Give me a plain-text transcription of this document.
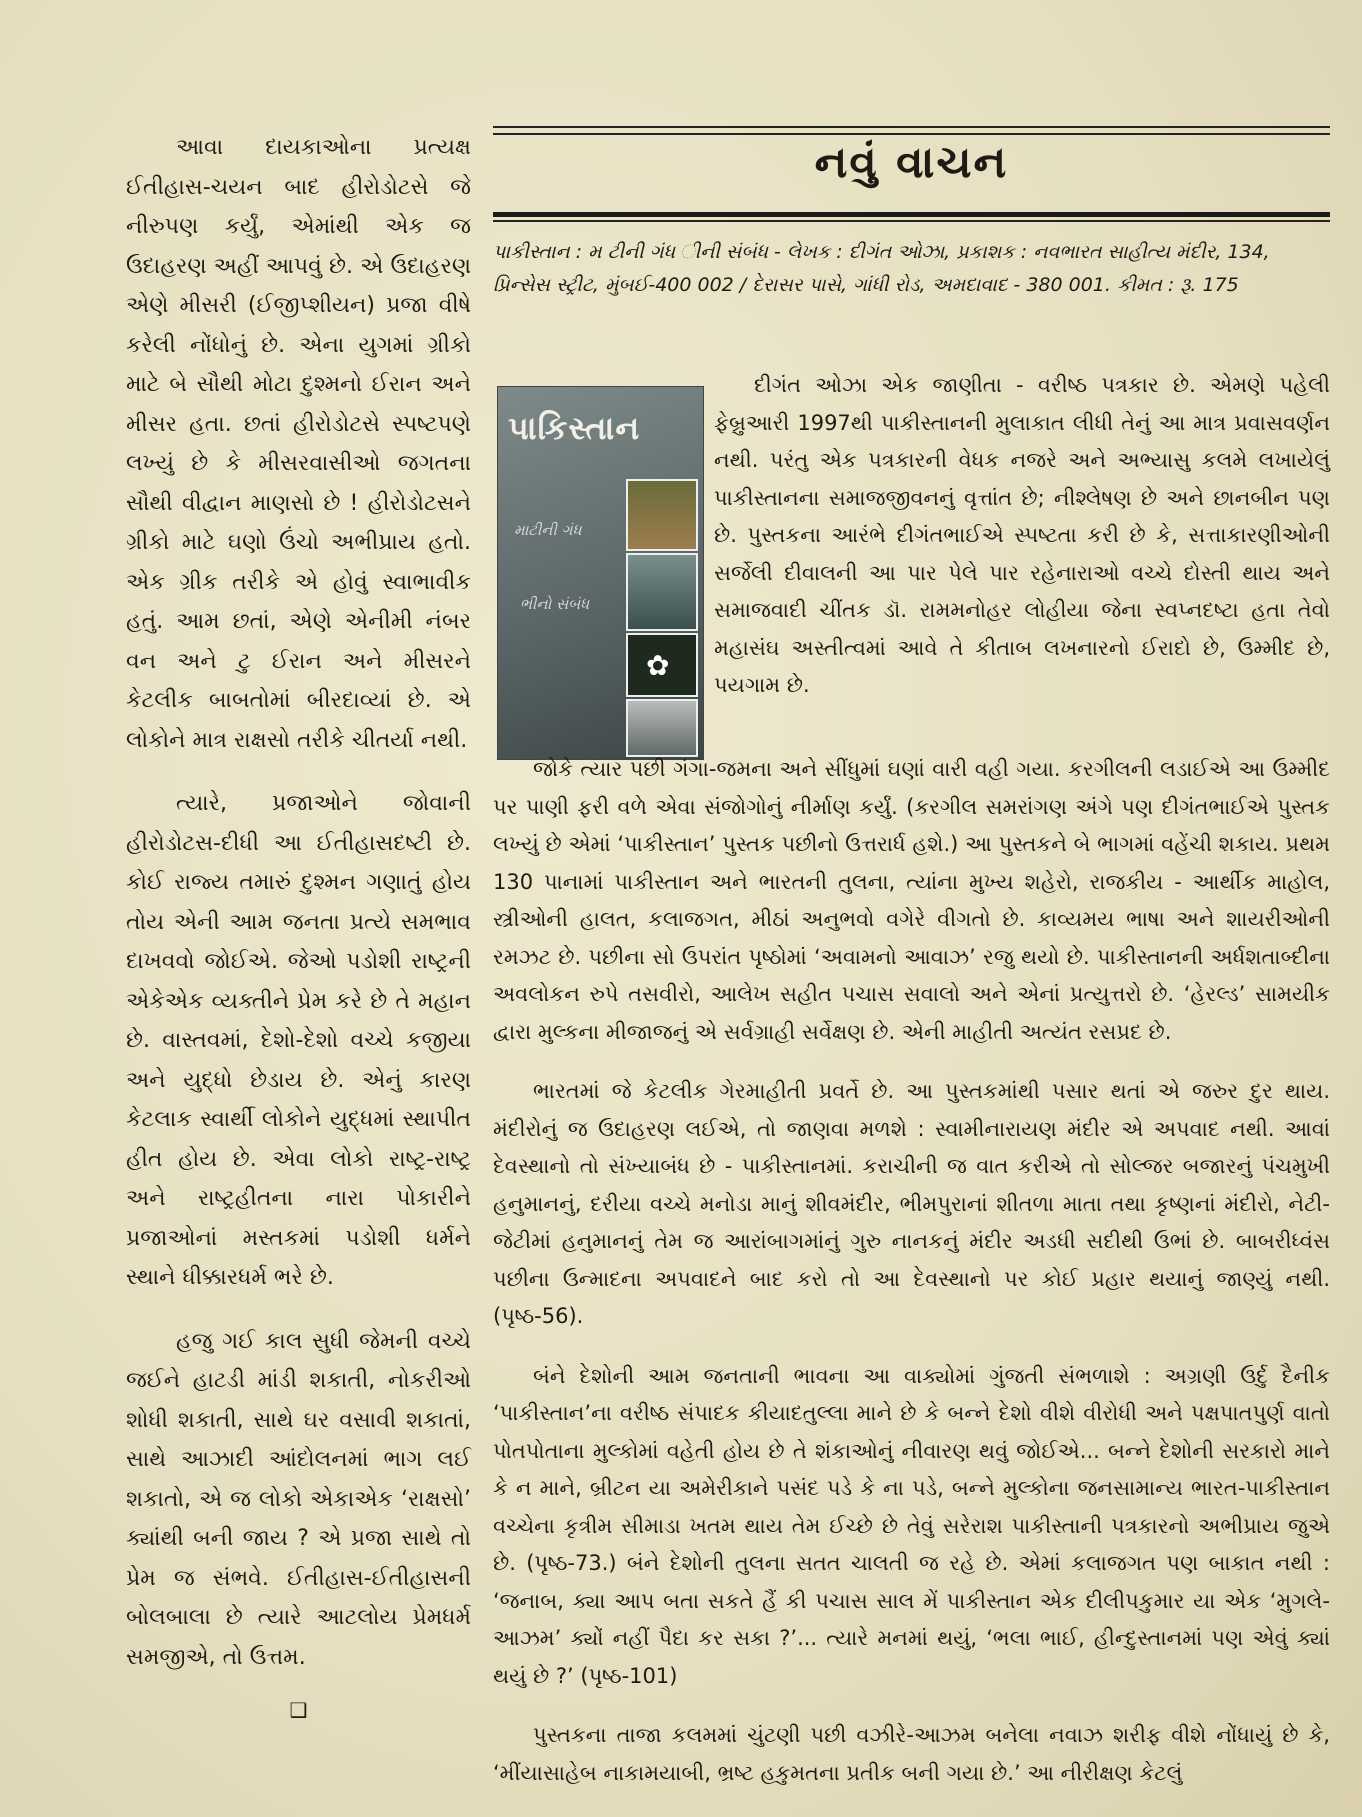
આવા દાયકાઓના પ્રત્યક્ષ ઈતીહાસ-ચયન બાદ હીરોડોટસે જે નીરુપણ કર્યું, એમાંથી એક જ ઉદાહરણ અહીં આપવું છે. એ ઉદાહરણ એણે મીસરી (ઈજીપ્શીયન) પ્રજા વીષે કરેલી નોંધોનું છે. એના યુગમાં ગ્રીકો માટે બે સૌથી મોટા દુશ્મનો ઈરાન અને મીસર હતા. છતાં હીરોડોટસે સ્પષ્ટપણે લખ્યું છે કે મીસરવાસીઓ જગતના સૌથી વીદ્વાન માણસો છે ! હીરોડોટસને ગ્રીકો માટે ઘણો ઉંચો અભીપ્રાય હતો. એક ગ્રીક તરીકે એ હોવું સ્વાભાવીક હતું. આમ છતાં, એણે એનીમી નંબર વન અને ટુ ઈરાન અને મીસરને કેટલીક બાબતોમાં બીરદાવ્યાં છે. એ લોકોને માત્ર રાક્ષસો તરીકે ચીતર્યા નથી.

ત્યારે, પ્રજાઓને જોવાની હીરોડોટસ-દીધી આ ઈતીહાસદષ્ટી છે. કોઈ રાજ્ય તમારું દુશ્મન ગણાતું હોય તોય એની આમ જનતા પ્રત્યે સમભાવ દાખવવો જોઈએ. જેઓ પડોશી રાષ્ટ્રની એકેએક વ્યક્તીને પ્રેમ કરે છે તે મહાન છે. વાસ્તવમાં, દેશો-દેશો વચ્ચે કજીયા અને યુદ્ધો છેડાય છે. એનું કારણ કેટલાક સ્વાર્થી લોકોને યુદ્ધમાં સ્થાપીત હીત હોય છે. એવા લોકો રાષ્ટ્ર-રાષ્ટ્ર અને રાષ્ટ્રહીતના નારા પોકારીને પ્રજાઓનાં મસ્તકમાં પડોશી ધર્મને સ્થાને ધીક્કારધર્મ ભરે છે.

હજુ ગઈ કાલ સુધી જેમની વચ્ચે જઈને હાટડી માંડી શકાતી, નોકરીઓ શોધી શકાતી, સાથે ઘર વસાવી શકાતાં, સાથે આઝાદી આંદોલનમાં ભાગ લઈ શકાતો, એ જ લોકો એકાએક ‘રાક્ષસો’ ક્યાંથી બની જાય ? એ પ્રજા સાથે તો પ્રેમ જ સંભવે. ઈતીહાસ-ઈતીહાસની બોલબાલા છે ત્યારે આટલોય પ્રેમધર્મ સમજીએ, તો ઉત્તમ.

❑
નવું વાચન
પાકીસ્તાન : મ ટીની ગંધ ીની સંબંધ - લેખક : દીગંત ઓઝા, પ્રકાશક : નવભારત સાહીત્ય મંદીર, 134, પ્રિન્સેસ સ્ટ્રીટ, મુંબઈ-400 002 / દેરાસર પાસે, ગાંધી રોડ, અમદાવાદ - 380 001. કીમત : રૂ. 175
પાકિસ્તાન
માટીની ગંધ
ભીનો સંબંધ
✿

દીગંત ઓઝા એક જાણીતા - વરીષ્ઠ પત્રકાર છે. એમણે પહેલી ફેબ્રુઆરી 1997થી પાકીસ્તાનની મુલાકાત લીધી તેનું આ માત્ર પ્રવાસવર્ણન નથી. પરંતુ એક પત્રકારની વેધક નજરે અને અભ્યાસુ કલમે લખાયેલું પાકીસ્તાનના સમાજજીવનનું વૃત્તાંત છે; નીશ્લેષણ છે અને છાનબીન પણ છે. પુસ્તકના આરંભે દીગંતભાઈએ સ્પષ્ટતા કરી છે કે, સત્તાકારણીઓની સર્જેલી દીવાલની આ પાર પેલે પાર રહેનારાઓ વચ્ચે દોસ્તી થાય અને સમાજવાદી ચીંતક ડૉ. રામમનોહર લોહીયા જેના સ્વપ્નદષ્ટા હતા તેવો મહાસંઘ અસ્તીત્વમાં આવે તે કીતાબ લખનારનો ઈરાદો છે, ઉમ્મીદ છે, પયગામ છે.

જોકે ત્યાર પછી ગંગા-જમના અને સીંધુમાં ઘણાં વારી વહી ગયા. કરગીલની લડાઈએ આ ઉમ્મીદ પર પાણી ફરી વળે એવા સંજોગોનું નીર્માણ કર્યું. (કરગીલ સમરાંગણ અંગે પણ દીગંતભાઈએ પુસ્તક લખ્યું છે એમાં ‘પાકીસ્તાન’ પુસ્તક પછીનો ઉત્તરાર્ધ હશે.) આ પુસ્તકને બે ભાગમાં વહેંચી શકાય. પ્રથમ 130 પાનામાં પાકીસ્તાન અને ભારતની તુલના, ત્યાંના મુખ્ય શહેરો, રાજકીય - આર્થીક માહોલ, સ્ત્રીઓની હાલત, કલાજગત, મીઠાં અનુભવો વગેરે વીગતો છે. કાવ્યમય ભાષા અને શાયરીઓની રમઝટ છે. પછીના સો ઉપરાંત પૃષ્ઠોમાં ‘અવામનો આવાઝ’ રજુ થયો છે. પાકીસ્તાનની અર્ધશતાબ્દીના અવલોકન રુપે તસવીરો, આલેખ સહીત પચાસ સવાલો અને એનાં પ્રત્યુત્તરો છે. ‘હેરલ્ડ’ સામયીક દ્વારા મુલ્કના મીજાજનું એ સર્વગ્રાહી સર્વેક્ષણ છે. એની માહીતી અત્યંત રસપ્રદ છે.

ભારતમાં જે કેટલીક ગેરમાહીતી પ્રવર્તે છે. આ પુસ્તકમાંથી પસાર થતાં એ જરુર દુર થાય. મંદીરોનું જ ઉદાહરણ લઈએ, તો જાણવા મળશે : સ્વામીનારાયણ મંદીર એ અપવાદ નથી. આવાં દેવસ્થાનો તો સંખ્યાબંધ છે - પાકીસ્તાનમાં. કરાચીની જ વાત કરીએ તો સોલ્જર બજારનું પંચમુખી હનુમાનનું, દરીયા વચ્ચે મનોડા માનું શીવમંદીર, ભીમપુરાનાં શીતળા માતા તથા કૃષ્ણનાં મંદીરો, નેટી-જેટીમાં હનુમાનનું તેમ જ આરાંબાગમાંનું ગુરુ નાનકનું મંદીર અડધી સદીથી ઉભાં છે. બાબરીધ્વંસ પછીના ઉન્માદના અપવાદને બાદ કરો તો આ દેવસ્થાનો પર કોઈ પ્રહાર થયાનું જાણ્યું નથી. (પૃષ્ઠ-56).

બંને દેશોની આમ જનતાની ભાવના આ વાક્યોમાં ગુંજતી સંભળાશે : અગ્રણી ઉર્દુ દૈનીક ‘પાકીસ્તાન’ના વરીષ્ઠ સંપાદક કીયાદતુલ્લા માને છે કે બન્ને દેશો વીશે વીરોધી અને પક્ષપાતપુર્ણ વાતો પોતપોતાના મુલ્કોમાં વહેતી હોય છે તે શંકાઓનું નીવારણ થવું જોઈએ... બન્ને દેશોની સરકારો માને કે ન માને, બ્રીટન યા અમેરીકાને પસંદ પડે કે ના પડે, બન્ને મુલ્કોના જનસામાન્ય ભારત-પાકીસ્તાન વચ્ચેના કૃત્રીમ સીમાડા ખતમ થાય તેમ ઈચ્છે છે તેવું સરેરાશ પાકીસ્તાની પત્રકારનો અભીપ્રાય જુએ છે. (પૃષ્ઠ-73.) બંને દેશોની તુલના સતત ચાલતી જ રહે છે. એમાં કલાજગત પણ બાકાત નથી : ‘જનાબ, ક્યા આપ બતા સકતે હૈં કી પચાસ સાલ મેં પાકીસ્તાન એક દીલીપકુમાર યા એક ‘મુગલે-આઝમ’ ક્યોં નહીં પૈદા કર સકા ?’... ત્યારે મનમાં થયું, ‘ભલા ભાઈ, હીન્દુસ્તાનમાં પણ એવું ક્યાં થયું છે ?’ (પૃષ્ઠ-101)

પુસ્તકના તાજા કલમમાં ચુંટણી પછી વઝીરે-આઝમ બનેલા નવાઝ શરીફ વીશે નોંધાયું છે કે, ‘મીંયાસાહેબ નાકામયાબી, ભ્રષ્ટ હકુમતના પ્રતીક બની ગયા છે.’ આ નીરીક્ષણ કેટલું
